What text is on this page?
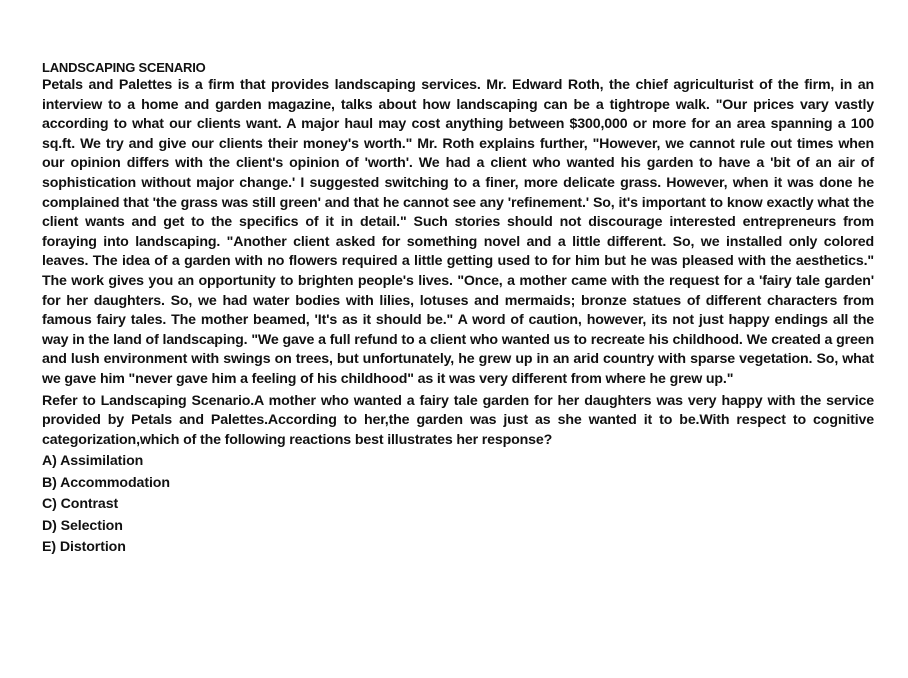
LANDSCAPING SCENARIO

Petals and Palettes is a firm that provides landscaping services. Mr. Edward Roth, the chief agriculturist of the firm, in an interview to a home and garden magazine, talks about how landscaping can be a tightrope walk. "Our prices vary vastly according to what our clients want. A major haul may cost anything between $300,000 or more for an area spanning a 100 sq.ft. We try and give our clients their money's worth." Mr. Roth explains further, "However, we cannot rule out times when our opinion differs with the client's opinion of 'worth'. We had a client who wanted his garden to have a 'bit of an air of sophistication without major change.' I suggested switching to a finer, more delicate grass. However, when it was done he complained that 'the grass was still green' and that he cannot see any 'refinement.' So, it's important to know exactly what the client wants and get to the specifics of it in detail." Such stories should not discourage interested entrepreneurs from foraying into landscaping. "Another client asked for something novel and a little different. So, we installed only colored leaves. The idea of a garden with no flowers required a little getting used to for him but he was pleased with the aesthetics." The work gives you an opportunity to brighten people's lives. "Once, a mother came with the request for a 'fairy tale garden' for her daughters. So, we had water bodies with lilies, lotuses and mermaids; bronze statues of different characters from famous fairy tales. The mother beamed, 'It's as it should be." A word of caution, however, its not just happy endings all the way in the land of landscaping. "We gave a full refund to a client who wanted us to recreate his childhood. We created a green and lush environment with swings on trees, but unfortunately, he grew up in an arid country with sparse vegetation. So, what we gave him "never gave him a feeling of his childhood" as it was very different from where he grew up."

Refer to Landscaping Scenario.A mother who wanted a fairy tale garden for her daughters was very happy with the service provided by Petals and Palettes.According to her,the garden was just as she wanted it to be.With respect to cognitive categorization,which of the following reactions best illustrates her response?

A) Assimilation
B) Accommodation
C) Contrast
D) Selection
E) Distortion
